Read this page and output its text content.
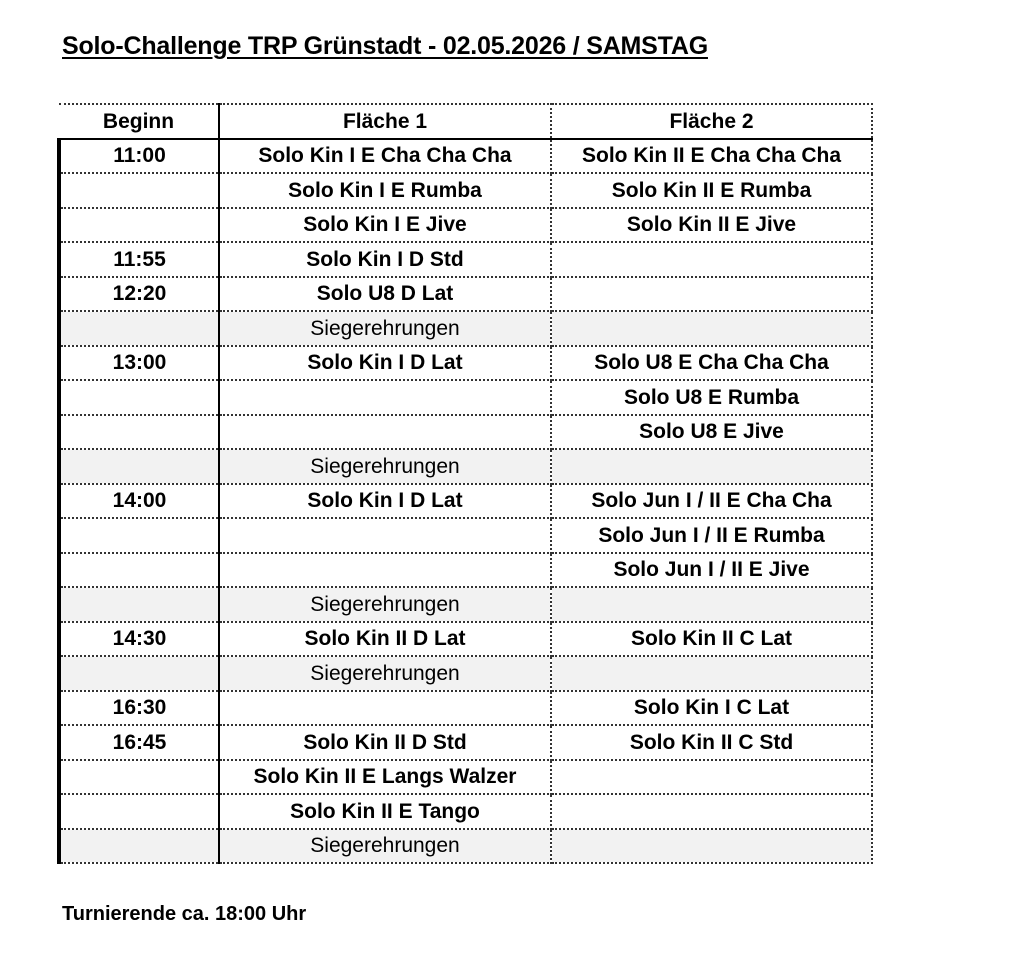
Solo-Challenge TRP Grünstadt - 02.05.2026 / SAMSTAG
Beginn	Fläche 1	Fläche 2
11:00	Solo Kin I E Cha Cha Cha	Solo Kin II E Cha Cha Cha
	Solo Kin I E Rumba	Solo Kin II E Rumba
	Solo Kin I E Jive	Solo Kin II E Jive
11:55	Solo Kin I D Std	
12:20	Solo U8 D Lat	
	Siegerehrungen	
13:00	Solo Kin I D Lat	Solo U8 E Cha Cha Cha
		Solo U8 E Rumba
		Solo U8 E Jive
	Siegerehrungen	
14:00	Solo Kin I D Lat	Solo Jun I / II E Cha Cha
		Solo Jun I / II E Rumba
		Solo Jun I / II E Jive
	Siegerehrungen	
14:30	Solo Kin II D Lat	Solo Kin II C Lat
	Siegerehrungen	
16:30		Solo Kin I C Lat
16:45	Solo Kin II D Std	Solo Kin II C Std
	Solo Kin II E Langs Walzer	
	Solo Kin II E Tango	
	Siegerehrungen	
Turnierende ca. 18:00 Uhr
